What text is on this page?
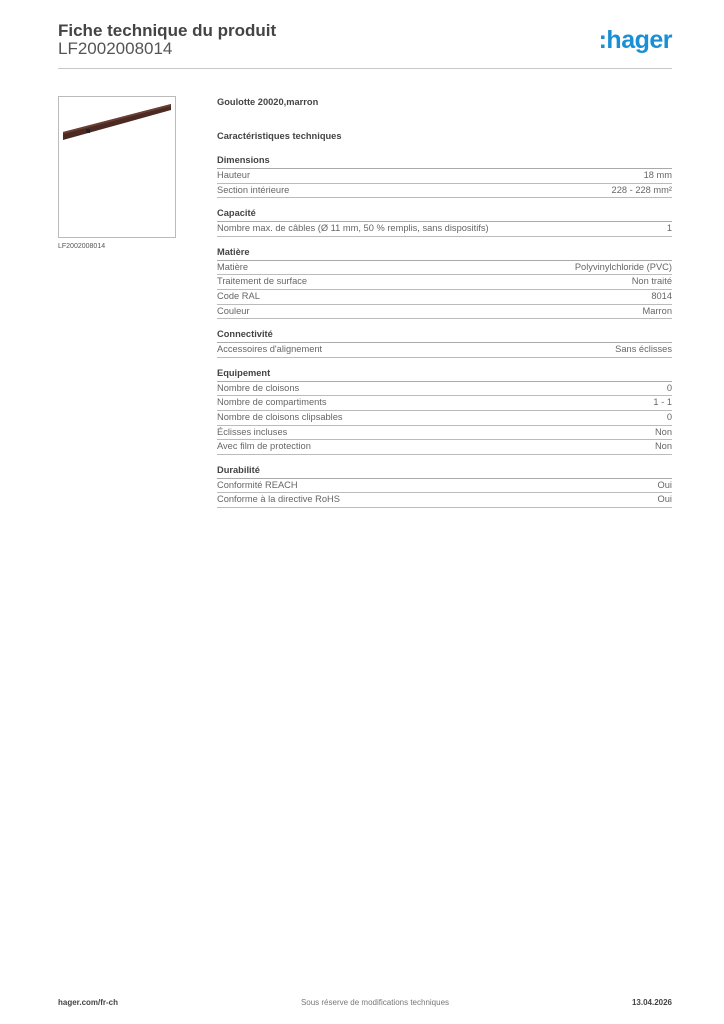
Fiche technique du produit
LF2002008014	:hager
LF2002008014
Goulotte 20020,marron
Caractéristiques techniques
Dimensions
Hauteur	18 mm
Section intérieure	228 - 228 mm²
Capacité
Nombre max. de câbles (Ø 11 mm, 50 % remplis, sans dispositifs)	1
Matière
Matière	Polyvinylchloride (PVC)
Traitement de surface	Non traité
Code RAL	8014
Couleur	Marron
Connectivité
Accessoires d'alignement	Sans éclisses
Equipement
Nombre de cloisons	0
Nombre de compartiments	1 - 1
Nombre de cloisons clipsables	0
Éclisses incluses	Non
Avec film de protection	Non
Durabilité
Conformité REACH	Oui
Conforme à la directive RoHS	Oui
hager.com/fr-ch	Sous réserve de modifications techniques	13.04.2026
